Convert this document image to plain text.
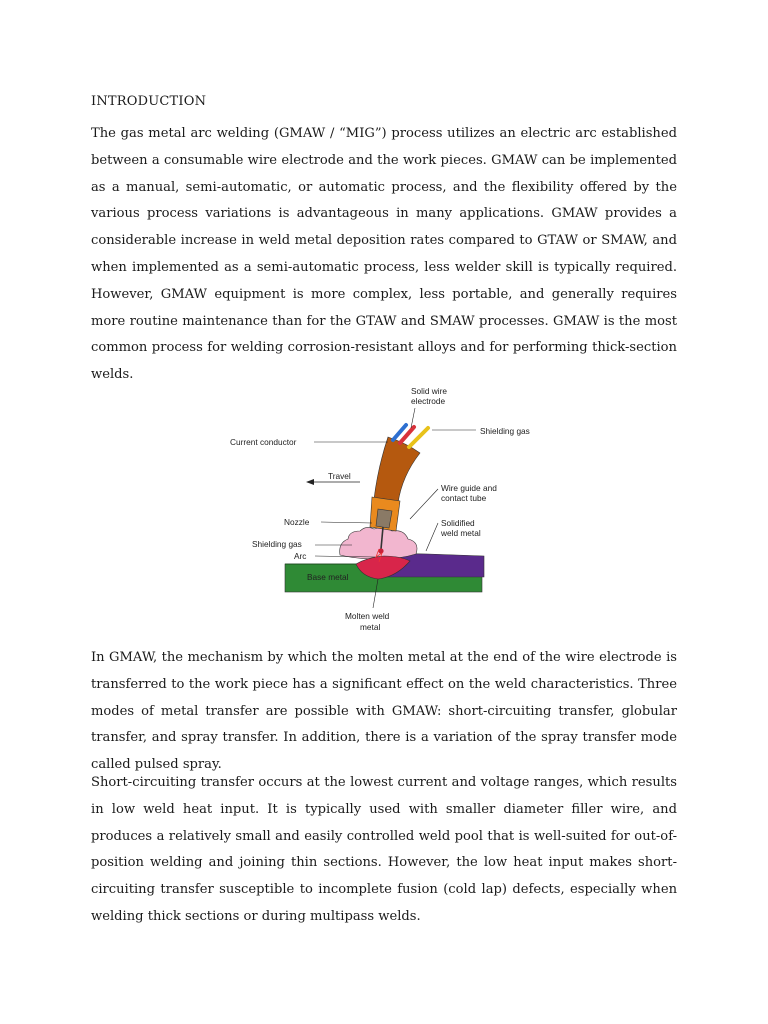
INTRODUCTION

The gas metal arc welding (GMAW / “MIG”) process utilizes an electric arc established between a consumable wire electrode and the work pieces. GMAW can be implemented as a manual, semi-automatic, or automatic process, and the flexibility offered by the various process variations is advantageous in many applications. GMAW provides a considerable increase in weld metal deposition rates compared to GTAW or SMAW, and when implemented as a semi-automatic process, less welder skill is typically required. However, GMAW equipment is more complex, less portable, and generally requires more routine maintenance than for the GTAW and SMAW processes. GMAW is the most common process for welding corrosion-resistant alloys and for performing thick-section welds.

Solid wire
electrode
Shielding gas
Current conductor
Travel
Wire guide and
contact tube
Nozzle	Solidified
weld metal
Shielding gas
Arc
Base metal
Molten weld
metal

In GMAW, the mechanism by which the molten metal at the end of the wire electrode is transferred to the work piece has a significant effect on the weld characteristics. Three modes of metal transfer are possible with GMAW: short-circuiting transfer, globular transfer, and spray transfer. In addition, there is a variation of the spray transfer mode called pulsed spray.

Short-circuiting transfer occurs at the lowest current and voltage ranges, which results in low weld heat input. It is typically used with smaller diameter filler wire, and produces a relatively small and easily controlled weld pool that is well-suited for out-of-position welding and joining thin sections. However, the low heat input makes short-circuiting transfer susceptible to incomplete fusion (cold lap) defects, especially when welding thick sections or during multipass welds.
